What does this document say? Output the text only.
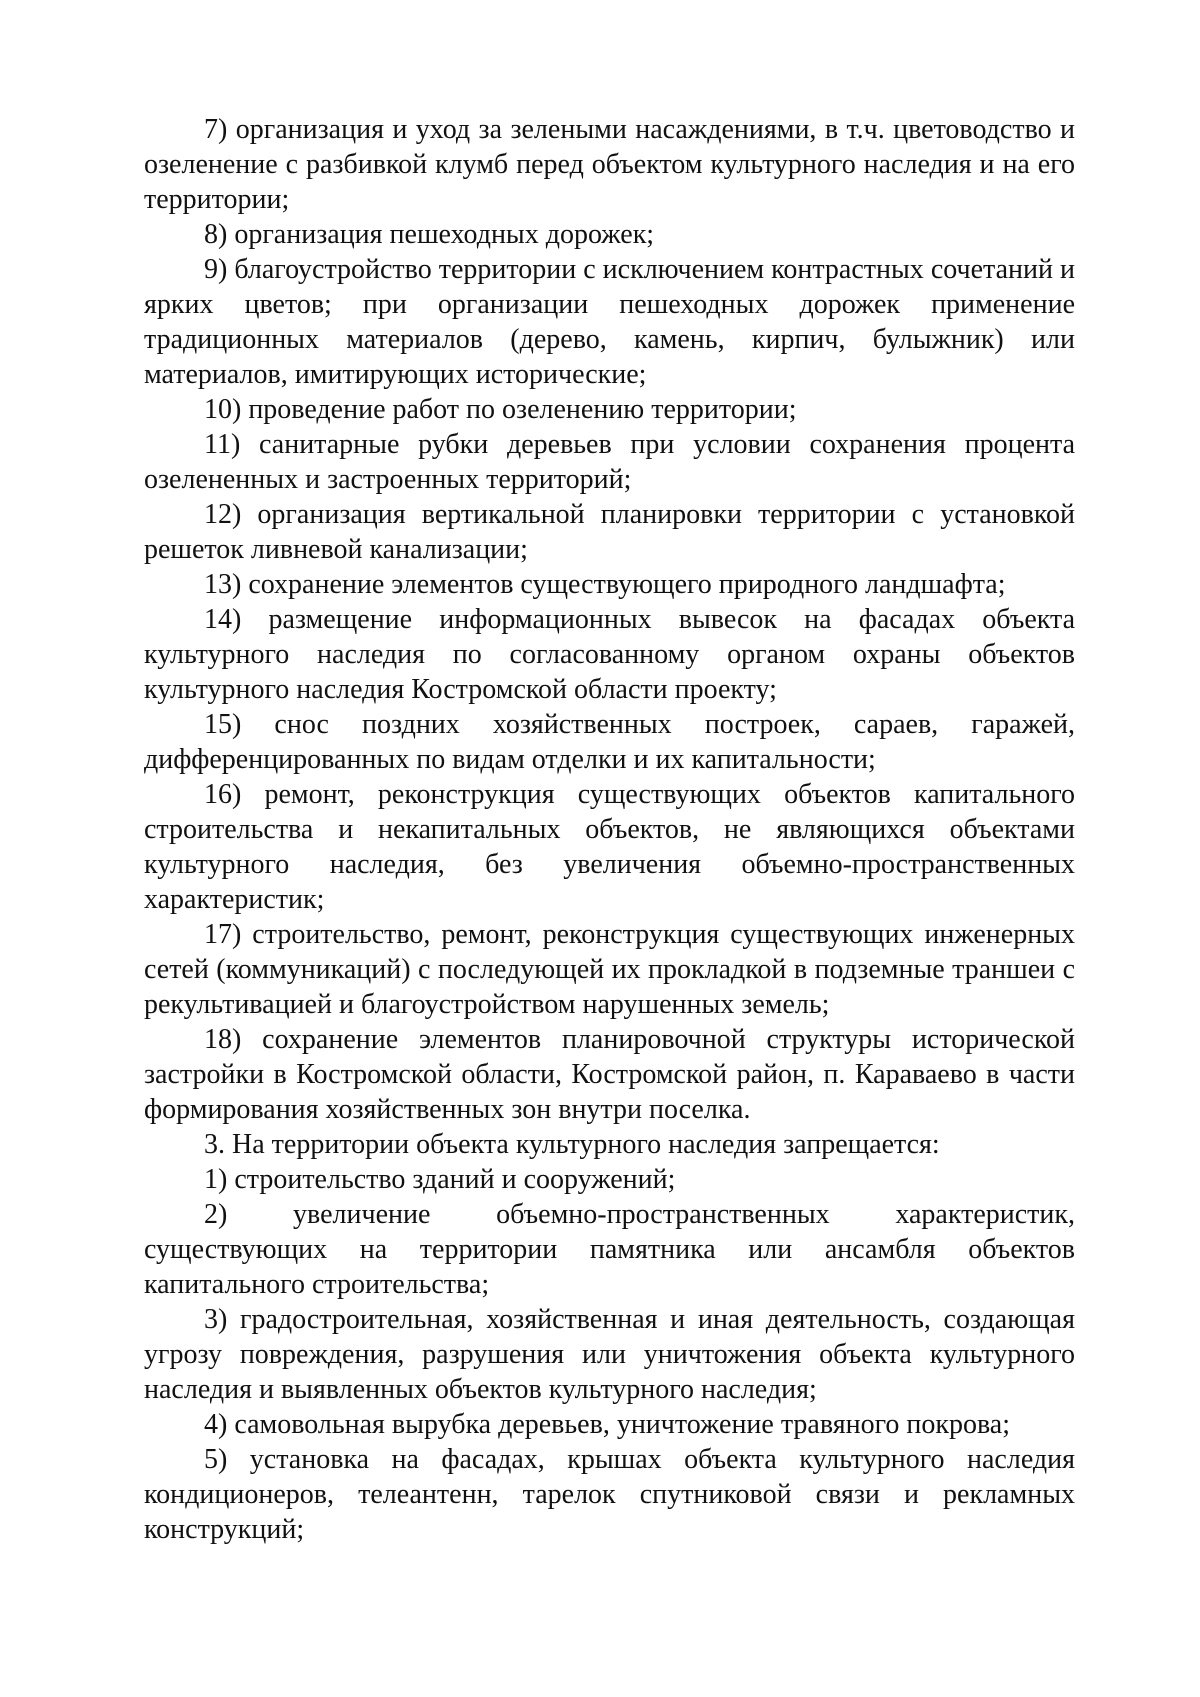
7) организация и уход за зелеными насаждениями, в т.ч. цветоводство и озеленение с разбивкой клумб перед объектом культурного наследия и на его территории;

8) организация пешеходных дорожек;

9) благоустройство территории с исключением контрастных сочетаний и ярких цветов; при организации пешеходных дорожек применение традиционных материалов (дерево, камень, кирпич, булыжник) или материалов, имитирующих исторические;

10) проведение работ по озеленению территории;

11) санитарные рубки деревьев при условии сохранения процента озелененных и застроенных территорий;

12) организация вертикальной планировки территории с установкой решеток ливневой канализации;

13) сохранение элементов существующего природного ландшафта;

14) размещение информационных вывесок на фасадах объекта культурного наследия по согласованному органом охраны объектов культурного наследия Костромской области проекту;

15) снос поздних хозяйственных построек, сараев, гаражей, дифференцированных по видам отделки и их капитальности;

16) ремонт, реконструкция существующих объектов капитального строительства и некапитальных объектов, не являющихся объектами культурного наследия, без увеличения объемно-пространственных характеристик;

17) строительство, ремонт, реконструкция существующих инженерных сетей (коммуникаций) с последующей их прокладкой в подземные траншеи с рекультивацией и благоустройством нарушенных земель;

18) сохранение элементов планировочной структуры исторической застройки в Костромской области, Костромской район, п. Караваево в части формирования хозяйственных зон внутри поселка.

3. На территории объекта культурного наследия запрещается:

1) строительство зданий и сооружений;

2) увеличение объемно-пространственных характеристик, существующих на территории памятника или ансамбля объектов капитального строительства;

3) градостроительная, хозяйственная и иная деятельность, создающая угрозу повреждения, разрушения или уничтожения объекта культурного наследия и выявленных объектов культурного наследия;

4) самовольная вырубка деревьев, уничтожение травяного покрова;

5) установка на фасадах, крышах объекта культурного наследия кондиционеров, телеантенн, тарелок спутниковой связи и рекламных конструкций;
